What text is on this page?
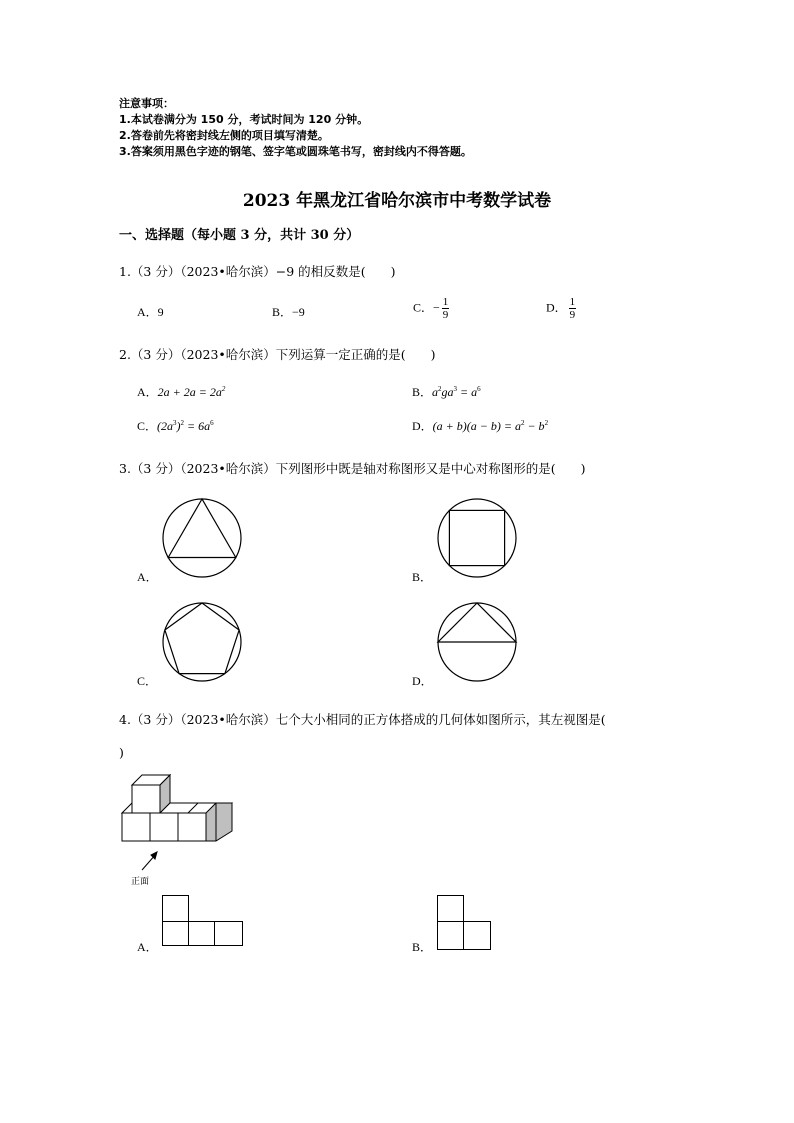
注意事项：
1.本试卷满分为 150 分，考试时间为 120 分钟。
2.答卷前先将密封线左侧的项目填写清楚。
3.答案须用黑色字迹的钢笔、签字笔或圆珠笔书写，密封线内不得答题。
2023 年黑龙江省哈尔滨市中考数学试卷
一、选择题（每小题 3 分，共计 30 分）
1.（3 分）（2023•哈尔滨）−9 的相反数是(　　)
A．9	B．−9	C．− $\frac{1}{9}$	D． $\frac{1}{9}$
2.（3 分）（2023•哈尔滨）下列运算一定正确的是(　　)
A．$2a + 2a = 2a^2$	B．$a^2ga^3 = a^6$
C．$(2a^3)^2 = 6a^6$	D．$(a + b)(a - b) = a^2 - b^2$
3.（3 分）（2023•哈尔滨）下列图形中既是轴对称图形又是中心对称图形的是(　　)
A．	B．
C．	D．
4.（3 分）（2023•哈尔滨）七个大小相同的正方体搭成的几何体如图所示，其左视图是(
)
正面
A．	B．
